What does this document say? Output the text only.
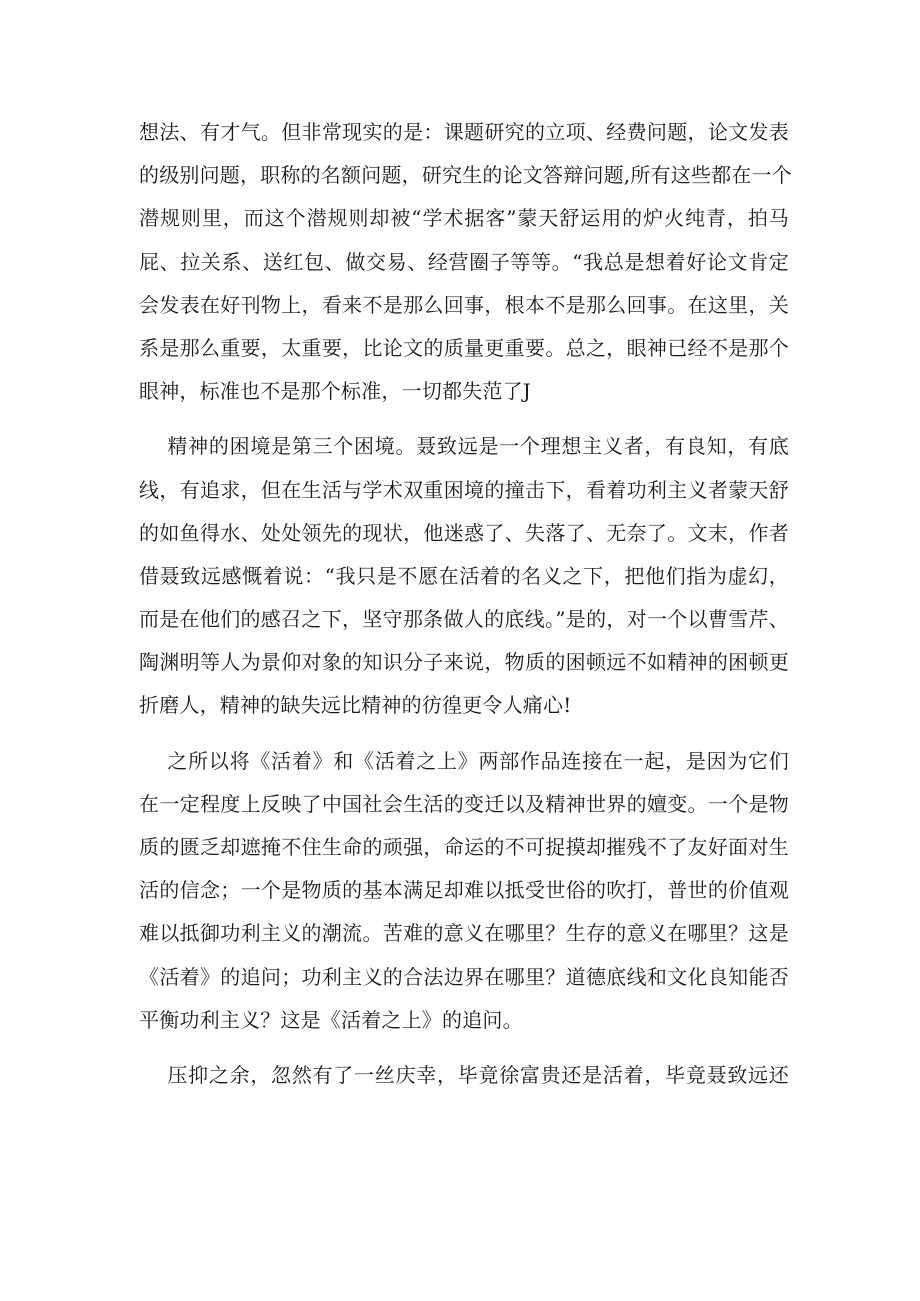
想法、有才气。但非常现实的是：课题研究的立项、经费问题，论文发表
的级别问题，职称的名额问题，研究生的论文答辩问题,所有这些都在一个
潜规则里，而这个潜规则却被“学术据客”蒙天舒运用的炉火纯青，拍马
屁、拉关系、送红包、做交易、经营圈子等等。“我总是想着好论文肯定
会发表在好刊物上，看来不是那么回事，根本不是那么回事。在这里，关
系是那么重要，太重要，比论文的质量更重要。总之，眼神已经不是那个
眼神，标准也不是那个标准，一切都失范了J
精神的困境是第三个困境。聂致远是一个理想主义者，有良知，有底
线，有追求，但在生活与学术双重困境的撞击下，看着功利主义者蒙天舒
的如鱼得水、处处领先的现状，他迷惑了、失落了、无奈了。文末，作者
借聂致远感慨着说：“我只是不愿在活着的名义之下，把他们指为虚幻，
而是在他们的感召之下，坚守那条做人的底线。”是的，对一个以曹雪芹、
陶渊明等人为景仰对象的知识分子来说，物质的困顿远不如精神的困顿更
折磨人，精神的缺失远比精神的彷徨更令人痛心!
之所以将《活着》和《活着之上》两部作品连接在一起，是因为它们
在一定程度上反映了中国社会生活的变迁以及精神世界的嬗变。一个是物
质的匮乏却遮掩不住生命的顽强，命运的不可捉摸却摧残不了友好面对生
活的信念；一个是物质的基本满足却难以抵受世俗的吹打，普世的价值观
难以抵御功利主义的潮流。苦难的意义在哪里？生存的意义在哪里？这是
《活着》的追问；功利主义的合法边界在哪里？道德底线和文化良知能否
平衡功利主义？这是《活着之上》的追问。
压抑之余，忽然有了一丝庆幸，毕竟徐富贵还是活着，毕竟聂致远还
